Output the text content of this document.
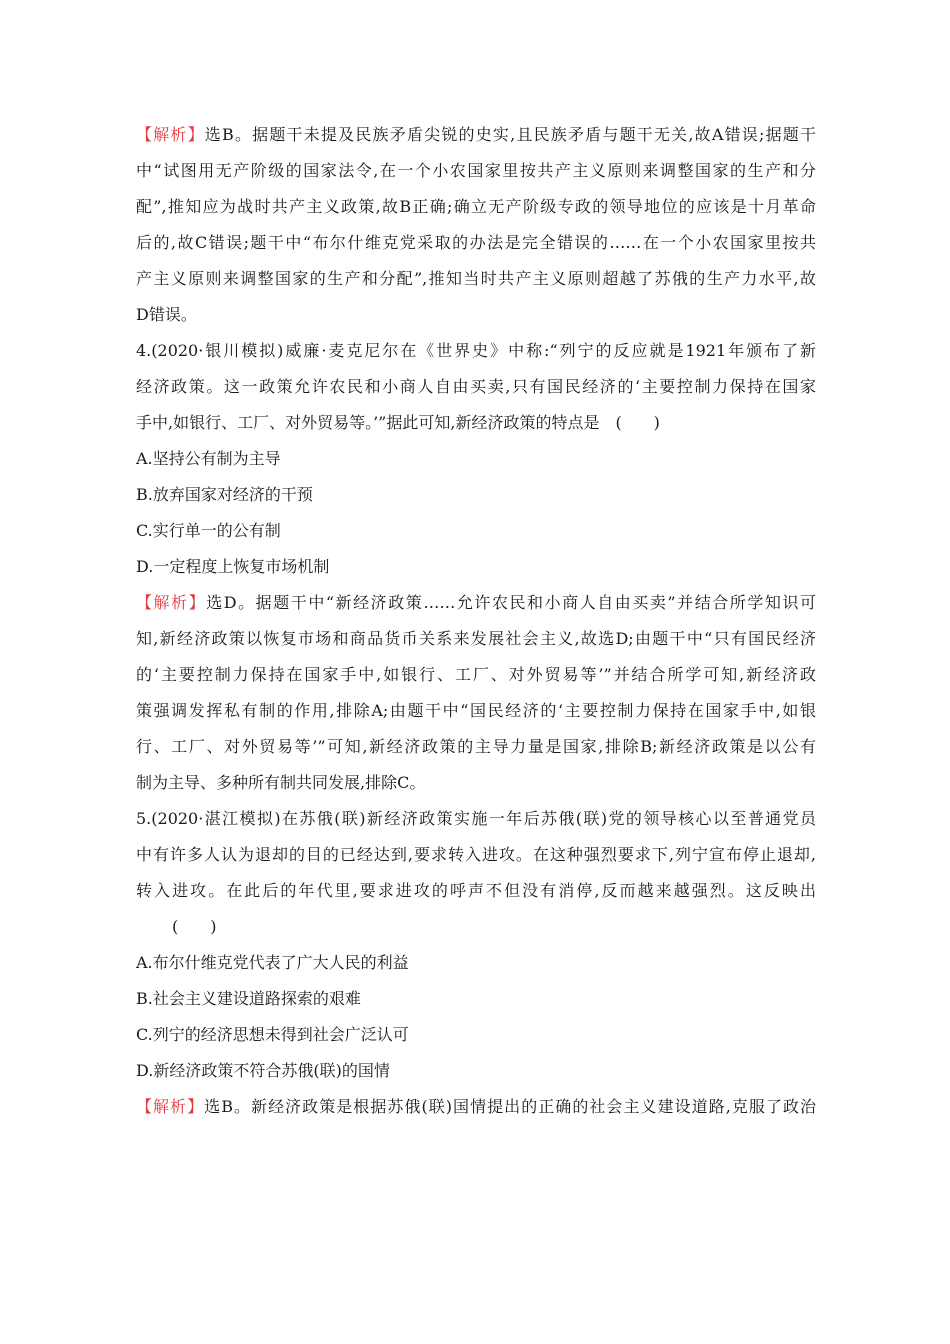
【解析】选B。据题干未提及民族矛盾尖锐的史实,且民族矛盾与题干无关,故A错误;据题干
中“试图用无产阶级的国家法令,在一个小农国家里按共产主义原则来调整国家的生产和分
配”,推知应为战时共产主义政策,故B正确;确立无产阶级专政的领导地位的应该是十月革命
后的,故C错误;题干中“布尔什维克党采取的办法是完全错误的……在一个小农国家里按共
产主义原则来调整国家的生产和分配”,推知当时共产主义原则超越了苏俄的生产力水平,故
D错误。
4.(2020·银川模拟)威廉·麦克尼尔在《世界史》中称:“列宁的反应就是1921年颁布了新
经济政策。这一政策允许农民和小商人自由买卖,只有国民经济的‘主要控制力保持在国家
手中,如银行、工厂、对外贸易等。’”据此可知,新经济政策的特点是　(　　)
A.坚持公有制为主导
B.放弃国家对经济的干预
C.实行单一的公有制
D.一定程度上恢复市场机制
【解析】选D。据题干中“新经济政策……允许农民和小商人自由买卖”并结合所学知识可
知,新经济政策以恢复市场和商品货币关系来发展社会主义,故选D;由题干中“只有国民经济
的‘主要控制力保持在国家手中,如银行、工厂、对外贸易等’”并结合所学可知,新经济政
策强调发挥私有制的作用,排除A;由题干中“国民经济的‘主要控制力保持在国家手中,如银
行、工厂、对外贸易等’”可知,新经济政策的主导力量是国家,排除B;新经济政策是以公有
制为主导、多种所有制共同发展,排除C。
5.(2020·湛江模拟)在苏俄(联)新经济政策实施一年后苏俄(联)党的领导核心以至普通党员
中有许多人认为退却的目的已经达到,要求转入进攻。在这种强烈要求下,列宁宣布停止退却,
转入进攻。在此后的年代里,要求进攻的呼声不但没有消停,反而越来越强烈。这反映出
(　　)
A.布尔什维克党代表了广大人民的利益
B.社会主义建设道路探索的艰难
C.列宁的经济思想未得到社会广泛认可
D.新经济政策不符合苏俄(联)的国情
【解析】选B。新经济政策是根据苏俄(联)国情提出的正确的社会主义建设道路,克服了政治
